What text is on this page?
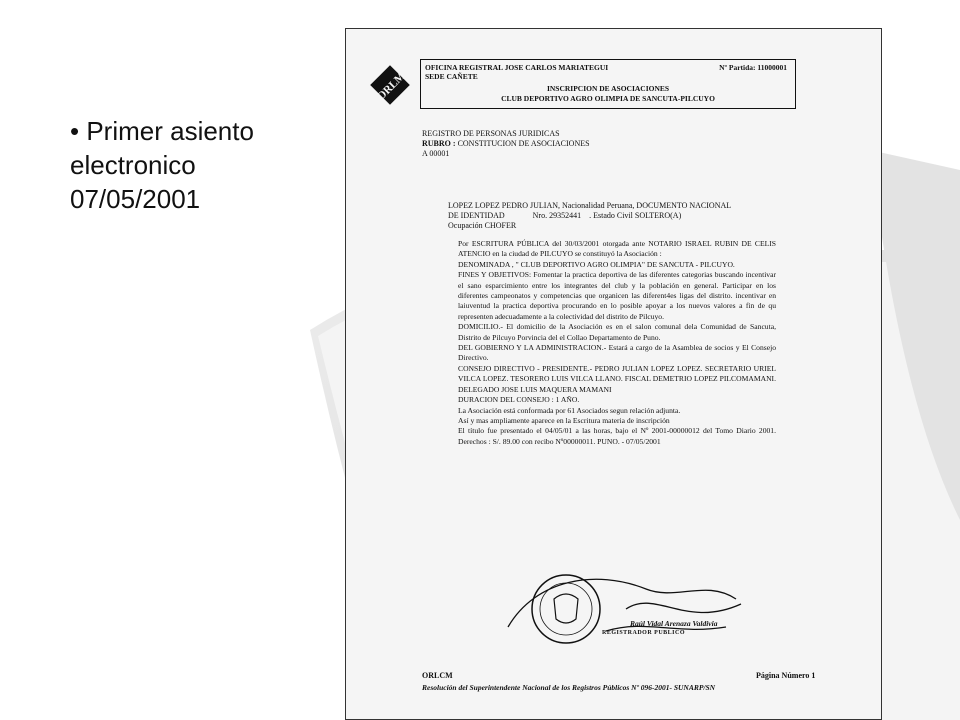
• Primer asiento
electronico
07/05/2001
ORLM
OFICINA REGISTRAL JOSE CARLOS MARIATEGUI	Nº Partida: 11000001
SEDE CAÑETE
INSCRIPCION DE ASOCIACIONES
CLUB DEPORTIVO AGRO OLIMPIA DE SANCUTA-PILCUYO
REGISTRO DE PERSONAS JURIDICAS
RUBRO : CONSTITUCION DE ASOCIACIONES
A 00001
LOPEZ LOPEZ PEDRO JULIAN, Nacionalidad Peruana, DOCUMENTO NACIONAL
DE IDENTIDAD              Nro. 29352441    . Estado Civil SOLTERO(A)
Ocupación CHOFER

Por ESCRITURA PÚBLICA del 30/03/2001 otorgada ante NOTARIO ISRAEL RUBIN DE CELIS ATENCIO en la ciudad de PILCUYO se constituyó la Asociación :

DENOMINADA , " CLUB DEPORTIVO AGRO OLIMPIA" DE SANCUTA - PILCUYO.

FINES Y OBJETIVOS: Fomentar la practica deportiva de las diferentes categorias buscando incentivar el sano esparcimiento entre los integrantes del club y la población en general. Participar en los diferentes campeonatos y competencias que organicen las diferent4es ligas del distrito. incentivar en laiuventud la practica deportiva procurando en lo posible apoyar a los nuevos valores a fin de qu representen adecuadamente a la colectividad del distrito de Pilcuyo.

DOMICILIO.- El domicilio de la Asociación es en el salon comunal dela Comunidad de Sancuta, Distrito de Pilcuyo Porvincia del el Collao Departamento de Puno.

DEL GOBIERNO Y LA ADMINISTRACION.- Estará a cargo de la Asamblea de socios y El Consejo Directivo.

CONSEJO DIRECTIVO - PRESIDENTE.- PEDRO JULIAN LOPEZ LOPEZ. SECRETARIO URIEL VILCA LOPEZ. TESORERO LUIS VILCA LLANO. FISCAL DEMETRIO LOPEZ PILCOMAMANI. DELEGADO JOSE LUIS MAQUERA MAMANI

DURACION DEL CONSEJO : 1 AÑO.

La Asociación está conformada por 61 Asociados segun relación adjunta.

Así y mas ampliamente aparece en la Escritura materia de inscripción

El título fue presentado el 04/05/01 a las horas, bajo el Nº 2001-00000012 del Tomo Diario 2001. Derechos : S/. 89.00 con recibo Nº00000011. PUNO. - 07/05/2001

Raúl Vidal Arenaza Valdivia
REGISTRADOR PUBLICO
ORLCM	Página Número 1
Resolución del Superintendente Nacional de los Registros Públicos Nº 096-2001- SUNARP/SN
